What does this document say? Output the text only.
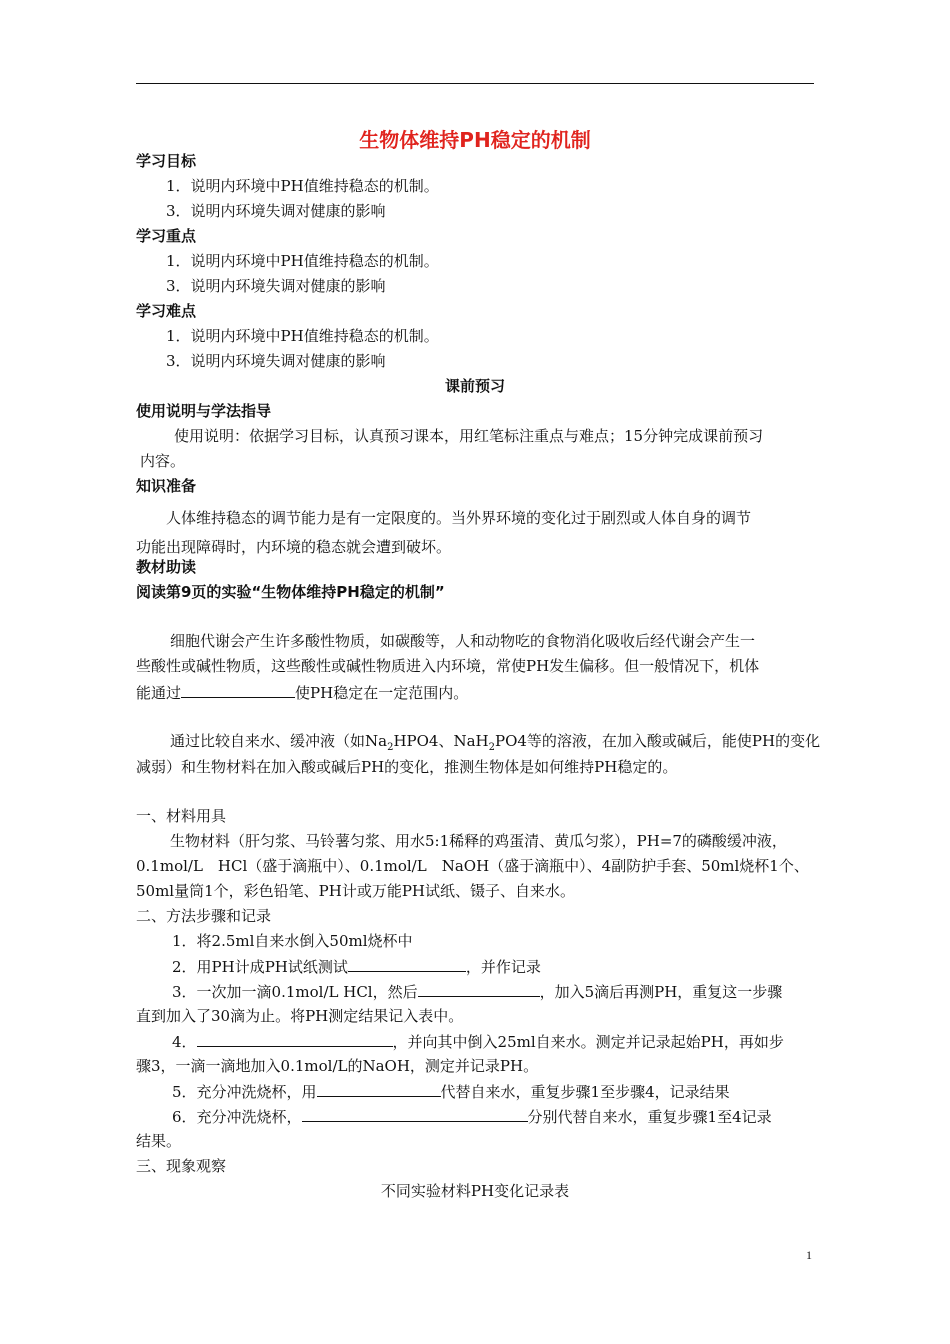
生物体维持PH稳定的机制
学习目标
1．说明内环境中PH值维持稳态的机制。
3．说明内环境失调对健康的影响
学习重点
1．说明内环境中PH值维持稳态的机制。
3．说明内环境失调对健康的影响
学习难点
1．说明内环境中PH值维持稳态的机制。
3．说明内环境失调对健康的影响
课前预习
使用说明与学法指导
使用说明：依据学习目标，认真预习课本，用红笔标注重点与难点；15分钟完成课前预习
内容。
知识准备
人体维持稳态的调节能力是有一定限度的。当外界环境的变化过于剧烈或人体自身的调节
功能出现障碍时，内环境的稳态就会遭到破坏。
教材助读
阅读第9页的实验“生物体维持PH稳定的机制”
细胞代谢会产生许多酸性物质，如碳酸等，人和动物吃的食物消化吸收后经代谢会产生一
些酸性或碱性物质，这些酸性或碱性物质进入内环境，常使PH发生偏移。但一般情况下，机体
能通过	使PH稳定在一定范围内。
通过比较自来水、缓冲液（如$Na_2HPO4$、NaH$_2$PO4等的溶液，在加入酸或碱后，能使PH的变化
减弱）和生物材料在加入酸或碱后PH的变化，推测生物体是如何维持PH稳定的。
一、材料用具
生物材料（肝匀浆、马铃薯匀浆、用水5:1稀释的鸡蛋清、黄瓜匀浆），PH=7的磷酸缓冲液，
0.1mol/L　HCl（盛于滴瓶中）、0.1mol/L　NaOH（盛于滴瓶中）、4副防护手套、50ml烧杯1个、
50ml量筒1个，彩色铅笔、PH计或万能PH试纸、镊子、自来水。
二、方法步骤和记录
1．将2.5ml自来水倒入50ml烧杯中
2．用PH计成PH试纸测试	，并作记录
3．一次加一滴0.1mol/L HCl，然后	，加入5滴后再测PH，重复这一步骤
直到加入了30滴为止。将PH测定结果记入表中。
4．	，并向其中倒入25ml自来水。测定并记录起始PH，再如步
骤3，一滴一滴地加入0.1mol/L的NaOH，测定并记录PH。
5．充分冲洗烧杯，用	代替自来水，重复步骤1至步骤4，记录结果
6．充分冲洗烧杯，	分别代替自来水，重复步骤1至4记录
结果。
三、现象观察
不同实验材料PH变化记录表
1
